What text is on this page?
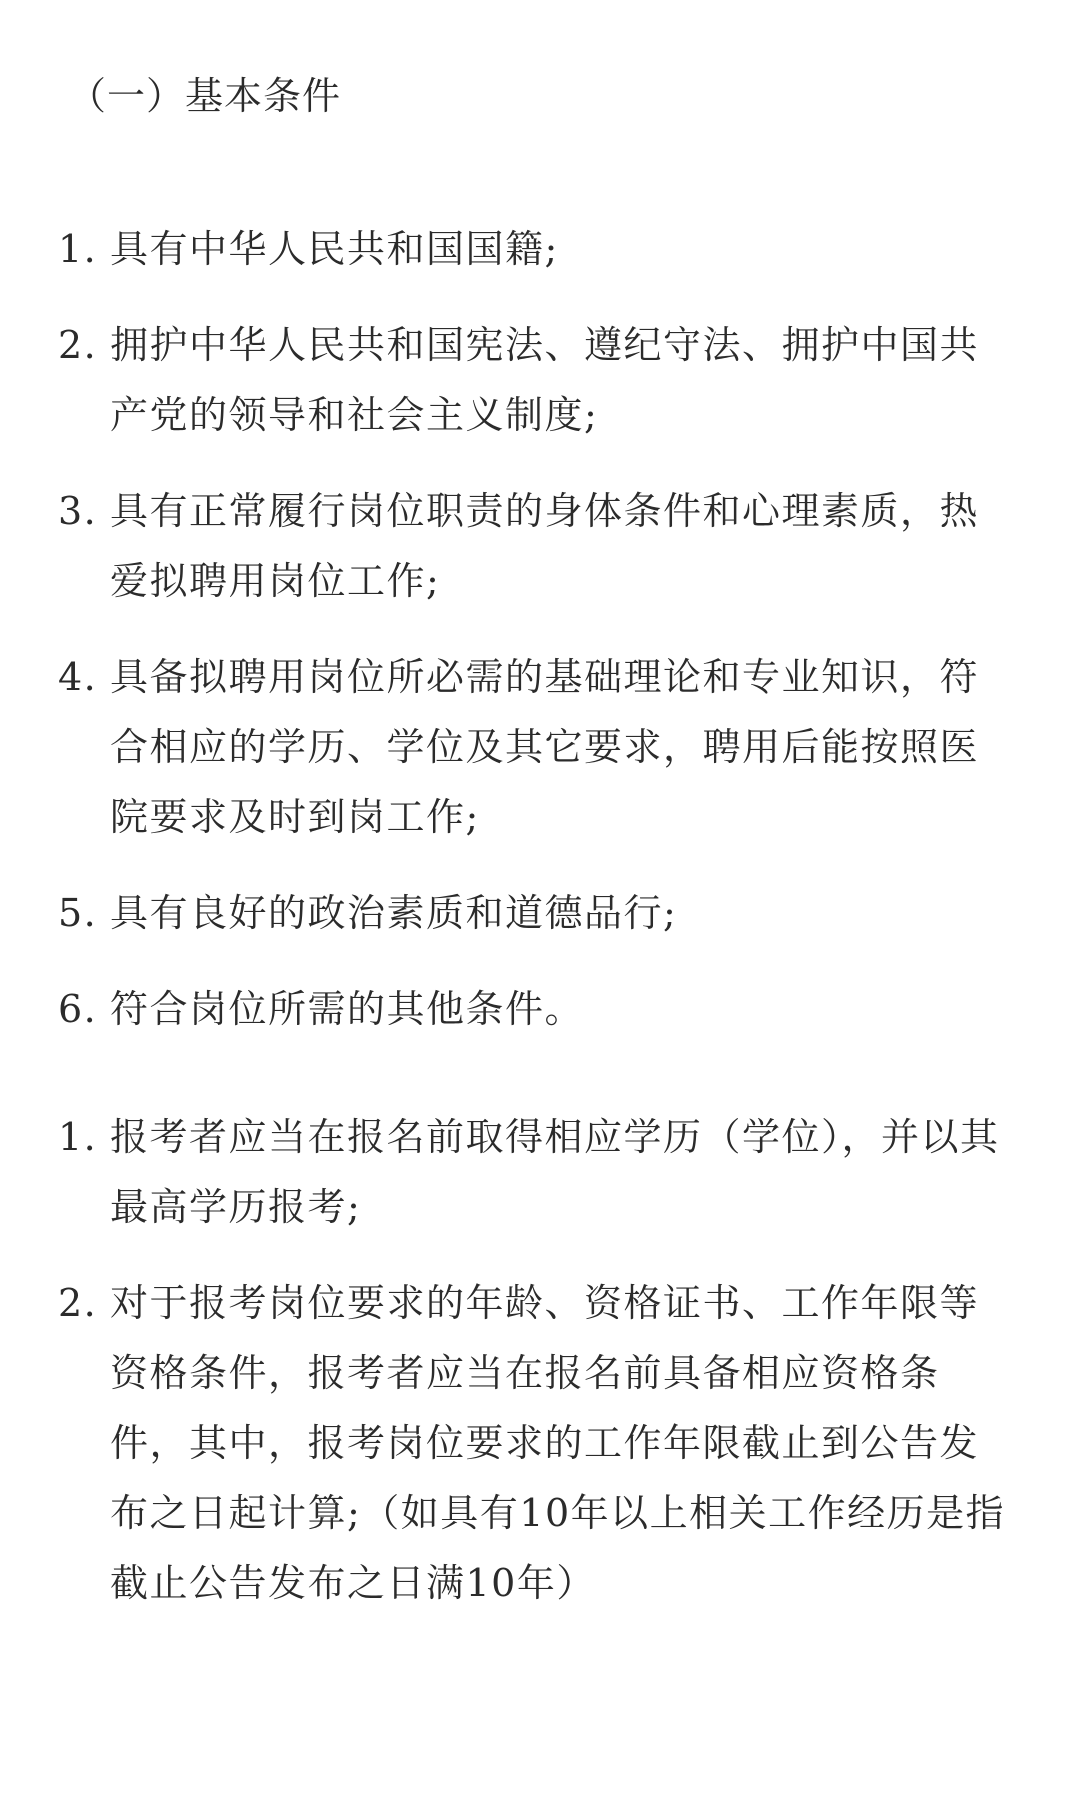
（一）基本条件
1. 具有中华人民共和国国籍;
2. 拥护中华人民共和国宪法、遵纪守法、拥护中国共产党的领导和社会主义制度;
3. 具有正常履行岗位职责的身体条件和心理素质，热爱拟聘用岗位工作;
4. 具备拟聘用岗位所必需的基础理论和专业知识，符合相应的学历、学位及其它要求，聘用后能按照医院要求及时到岗工作;
5. 具有良好的政治素质和道德品行;
6. 符合岗位所需的其他条件。
1. 报考者应当在报名前取得相应学历（学位），并以其最高学历报考;
2. 对于报考岗位要求的年龄、资格证书、工作年限等资格条件，报考者应当在报名前具备相应资格条件，其中，报考岗位要求的工作年限截止到公告发布之日起计算;（如具有10年以上相关工作经历是指截止公告发布之日满10年）
